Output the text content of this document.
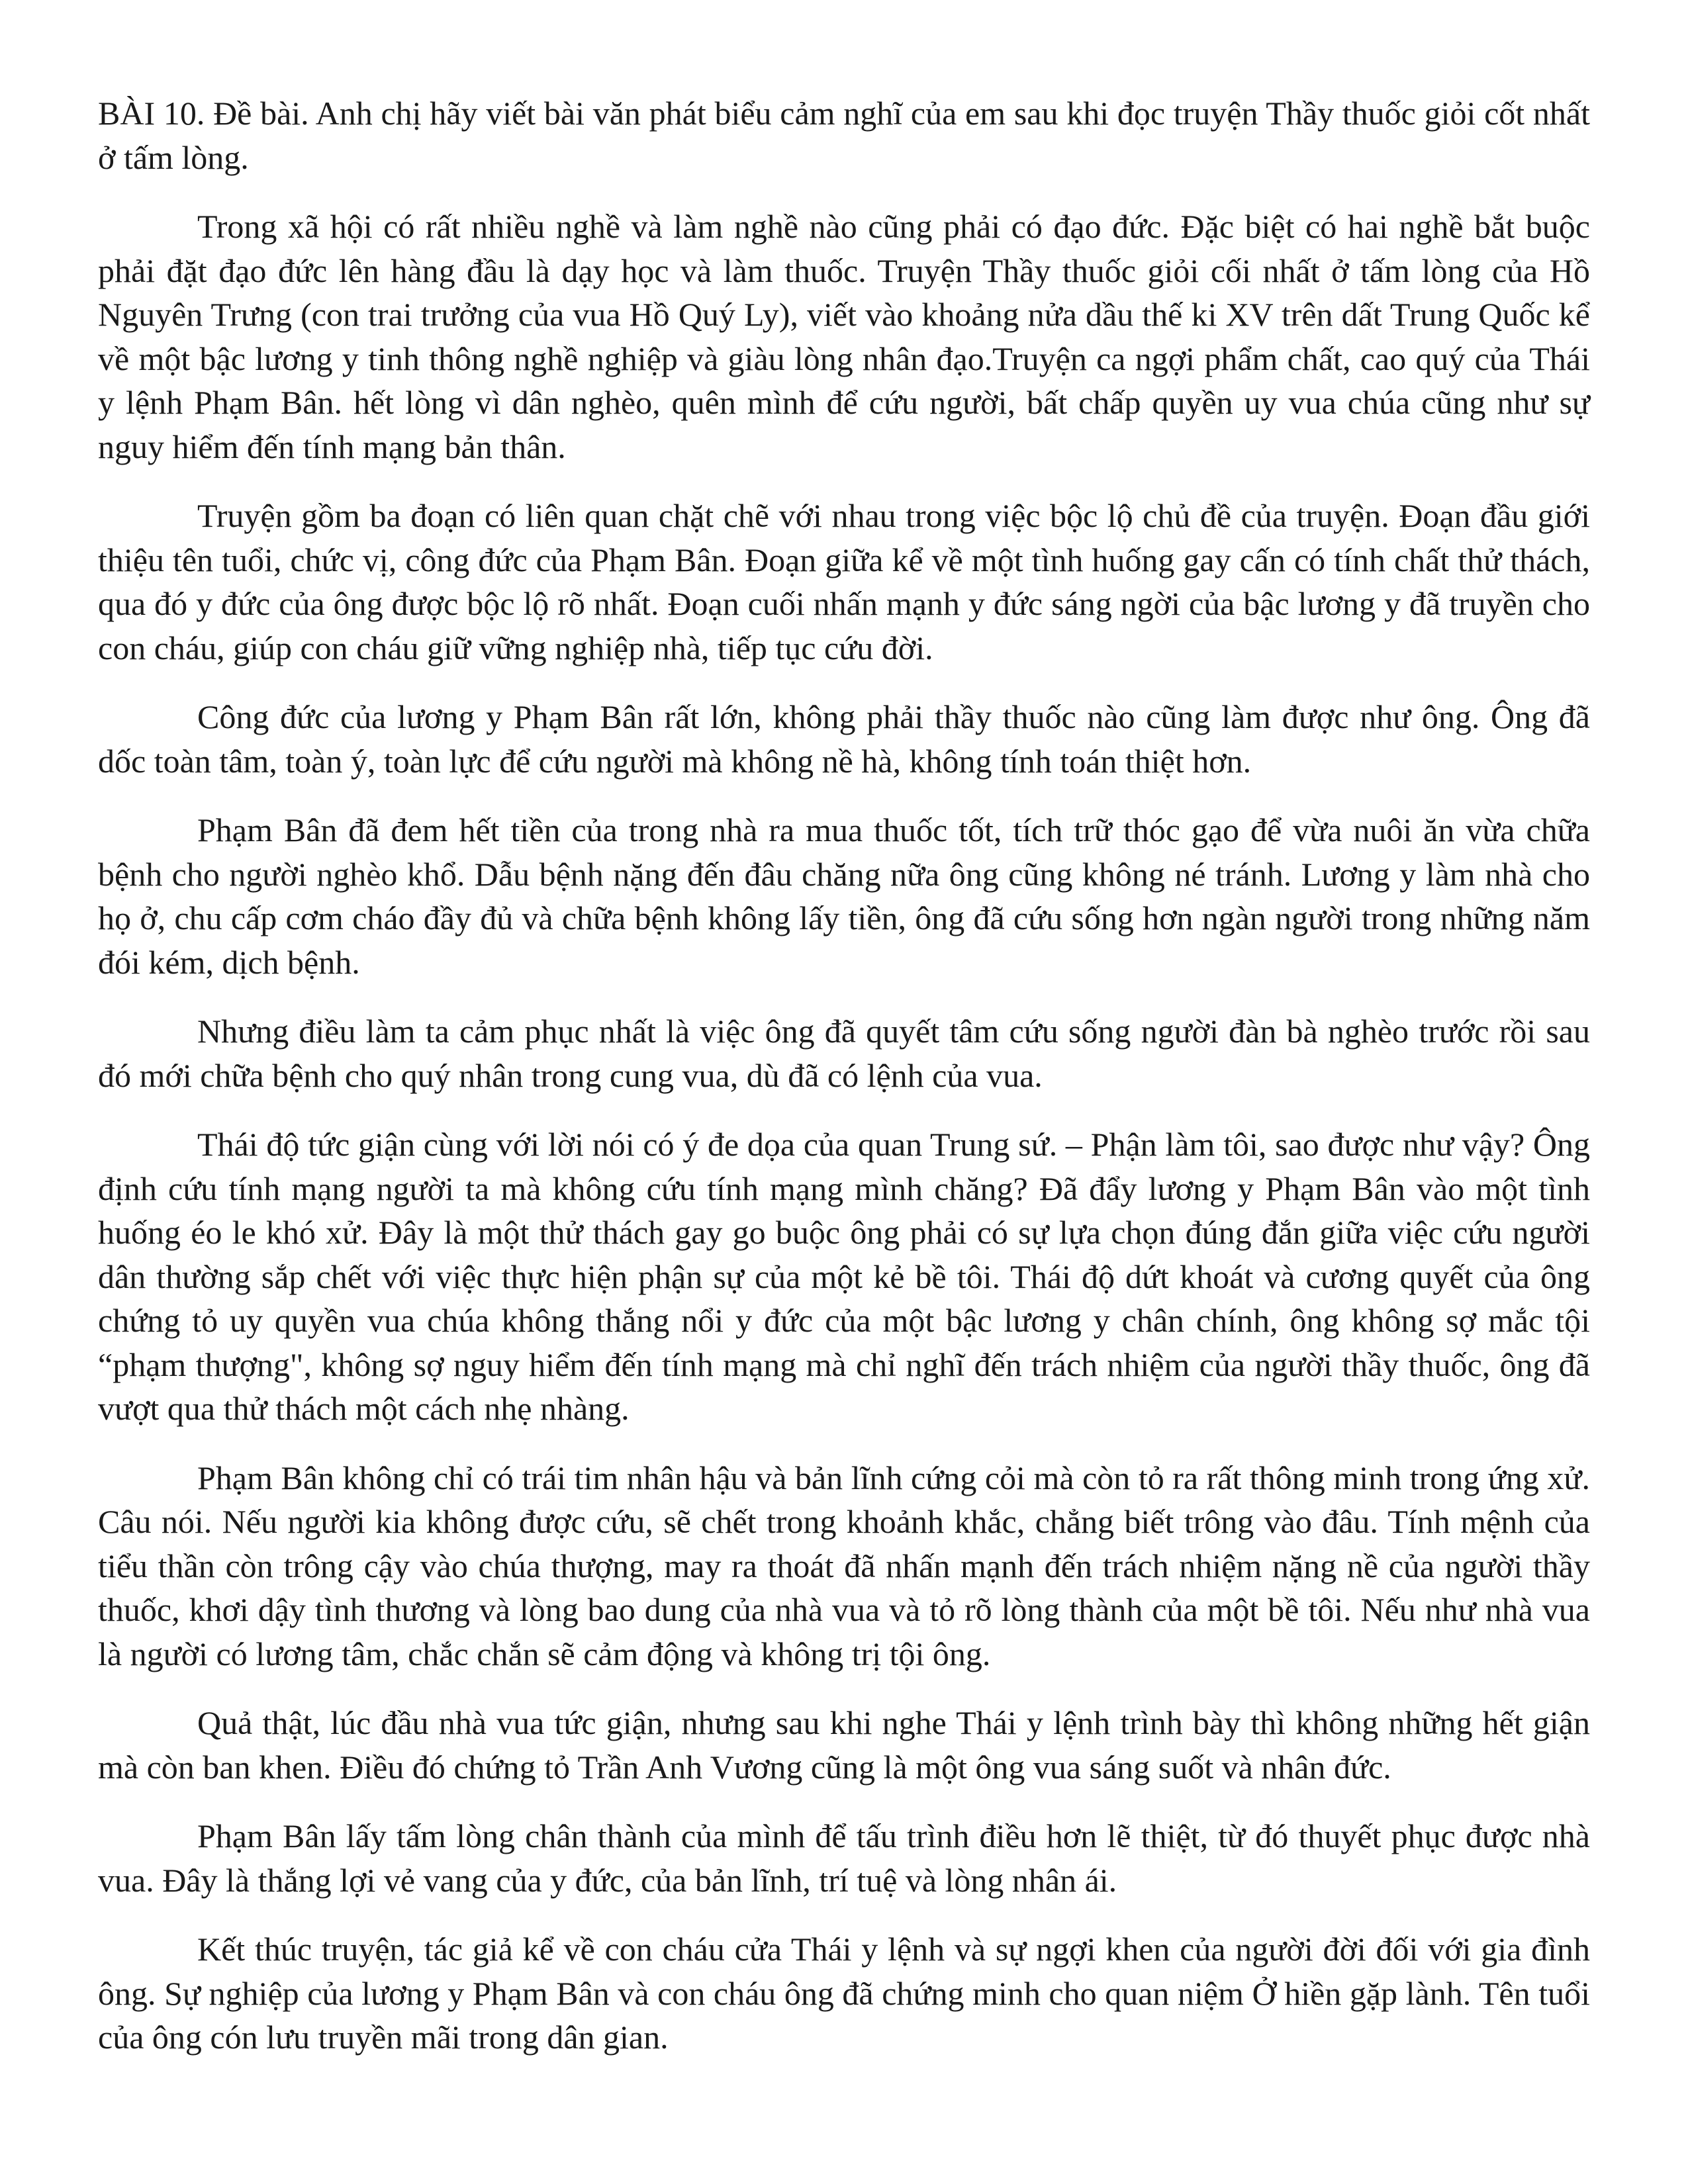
BÀI 10. Đề bài. Anh chị hãy viết bài văn phát biểu cảm nghĩ của em sau khi đọc truyện Thầy thuốc giỏi cốt nhất ở tấm lòng.

Trong xã hội có rất nhiều nghề và làm nghề nào cũng phải có đạo đức. Đặc biệt có hai nghề bắt buộc phải đặt đạo đức lên hàng đầu là dạy học và làm thuốc. Truyện Thầy thuốc giỏi cối nhất ở tấm lòng của Hồ Nguyên Trưng (con trai trưởng của vua Hồ Quý Ly), viết vào khoảng nửa dầu thế ki XV trên dất Trung Quốc kể về một bậc lương y tinh thông nghề nghiệp và giàu lòng nhân đạo.Truyện ca ngợi phẩm chất, cao quý của Thái y lệnh Phạm Bân. hết lòng vì dân nghèo, quên mình để cứu người, bất chấp quyền uy vua chúa cũng như sự nguy hiểm đến tính mạng bản thân.

Truyện gồm ba đoạn có liên quan chặt chẽ với nhau trong việc bộc lộ chủ đề của truyện. Đoạn đầu giới thiệu tên tuổi, chức vị, công đức của Phạm Bân. Đoạn giữa kể về một tình huống gay cấn có tính chất thử thách, qua đó y đức của ông được bộc lộ rõ nhất. Đoạn cuối nhấn mạnh y đức sáng ngời của bậc lương y đã truyền cho con cháu, giúp con cháu giữ vững nghiệp nhà, tiếp tục cứu đời.

Công đức của lương y Phạm Bân rất lớn, không phải thầy thuốc nào cũng làm được như ông. Ông đã dốc toàn tâm, toàn ý, toàn lực để cứu người mà không nề hà, không tính toán thiệt hơn.

Phạm Bân đã đem hết tiền của trong nhà ra mua thuốc tốt, tích trữ thóc gạo để vừa nuôi ăn vừa chữa bệnh cho người nghèo khổ. Dẫu bệnh nặng đến đâu chăng nữa ông cũng không né tránh. Lương y làm nhà cho họ ở, chu cấp cơm cháo đầy đủ và chữa bệnh không lấy tiền, ông đã cứu sống hơn ngàn người trong những năm đói kém, dịch bệnh.

Nhưng điều làm ta cảm phục nhất là việc ông đã quyết tâm cứu sống người đàn bà nghèo trước rồi sau đó mới chữa bệnh cho quý nhân trong cung vua, dù đã có lệnh của vua.

Thái độ tức giận cùng với lời nói có ý đe dọa của quan Trung sứ. – Phận làm tôi, sao được như vậy? Ông định cứu tính mạng người ta mà không cứu tính mạng mình chăng? Đã đẩy lương y Phạm Bân vào một tình huống éo le khó xử. Đây là một thử thách gay go buộc ông phải có sự lựa chọn đúng đắn giữa việc cứu người dân thường sắp chết với việc thực hiện phận sự của một kẻ bề tôi. Thái độ dứt khoát và cương quyết của ông chứng tỏ uy quyền vua chúa không thắng nổi y đức của một bậc lương y chân chính, ông không sợ mắc tội “phạm thượng", không sợ nguy hiểm đến tính mạng mà chỉ nghĩ đến trách nhiệm của người thầy thuốc, ông đã vượt qua thử thách một cách nhẹ nhàng.

Phạm Bân không chỉ có trái tim nhân hậu và bản lĩnh cứng cỏi mà còn tỏ ra rất thông minh trong ứng xử. Câu nói. Nếu người kia không được cứu, sẽ chết trong khoảnh khắc, chẳng biết trông vào đâu. Tính mệnh của tiểu thần còn trông cậy vào chúa thượng, may ra thoát đã nhấn mạnh đến trách nhiệm nặng nề của người thầy thuốc, khơi dậy tình thương và lòng bao dung của nhà vua và tỏ rõ lòng thành của một bề tôi. Nếu như nhà vua là người có lương tâm, chắc chắn sẽ cảm động và không trị tội ông.

Quả thật, lúc đầu nhà vua tức giận, nhưng sau khi nghe Thái y lệnh trình bày thì không những hết giận mà còn ban khen. Điều đó chứng tỏ Trần Anh Vương cũng là một ông vua sáng suốt và nhân đức.

Phạm Bân lấy tấm lòng chân thành của mình để tấu trình điều hơn lẽ thiệt, từ đó thuyết phục được nhà vua. Đây là thắng lợi vẻ vang của y đức, của bản lĩnh, trí tuệ và lòng nhân ái.

Kết thúc truyện, tác giả kể về con cháu cửa Thái y lệnh và sự ngợi khen của người đời đối với gia đình ông. Sự nghiệp của lương y Phạm Bân và con cháu ông đã chứng minh cho quan niệm Ở hiền gặp lành. Tên tuổi của ông cón lưu truyền mãi trong dân gian.
